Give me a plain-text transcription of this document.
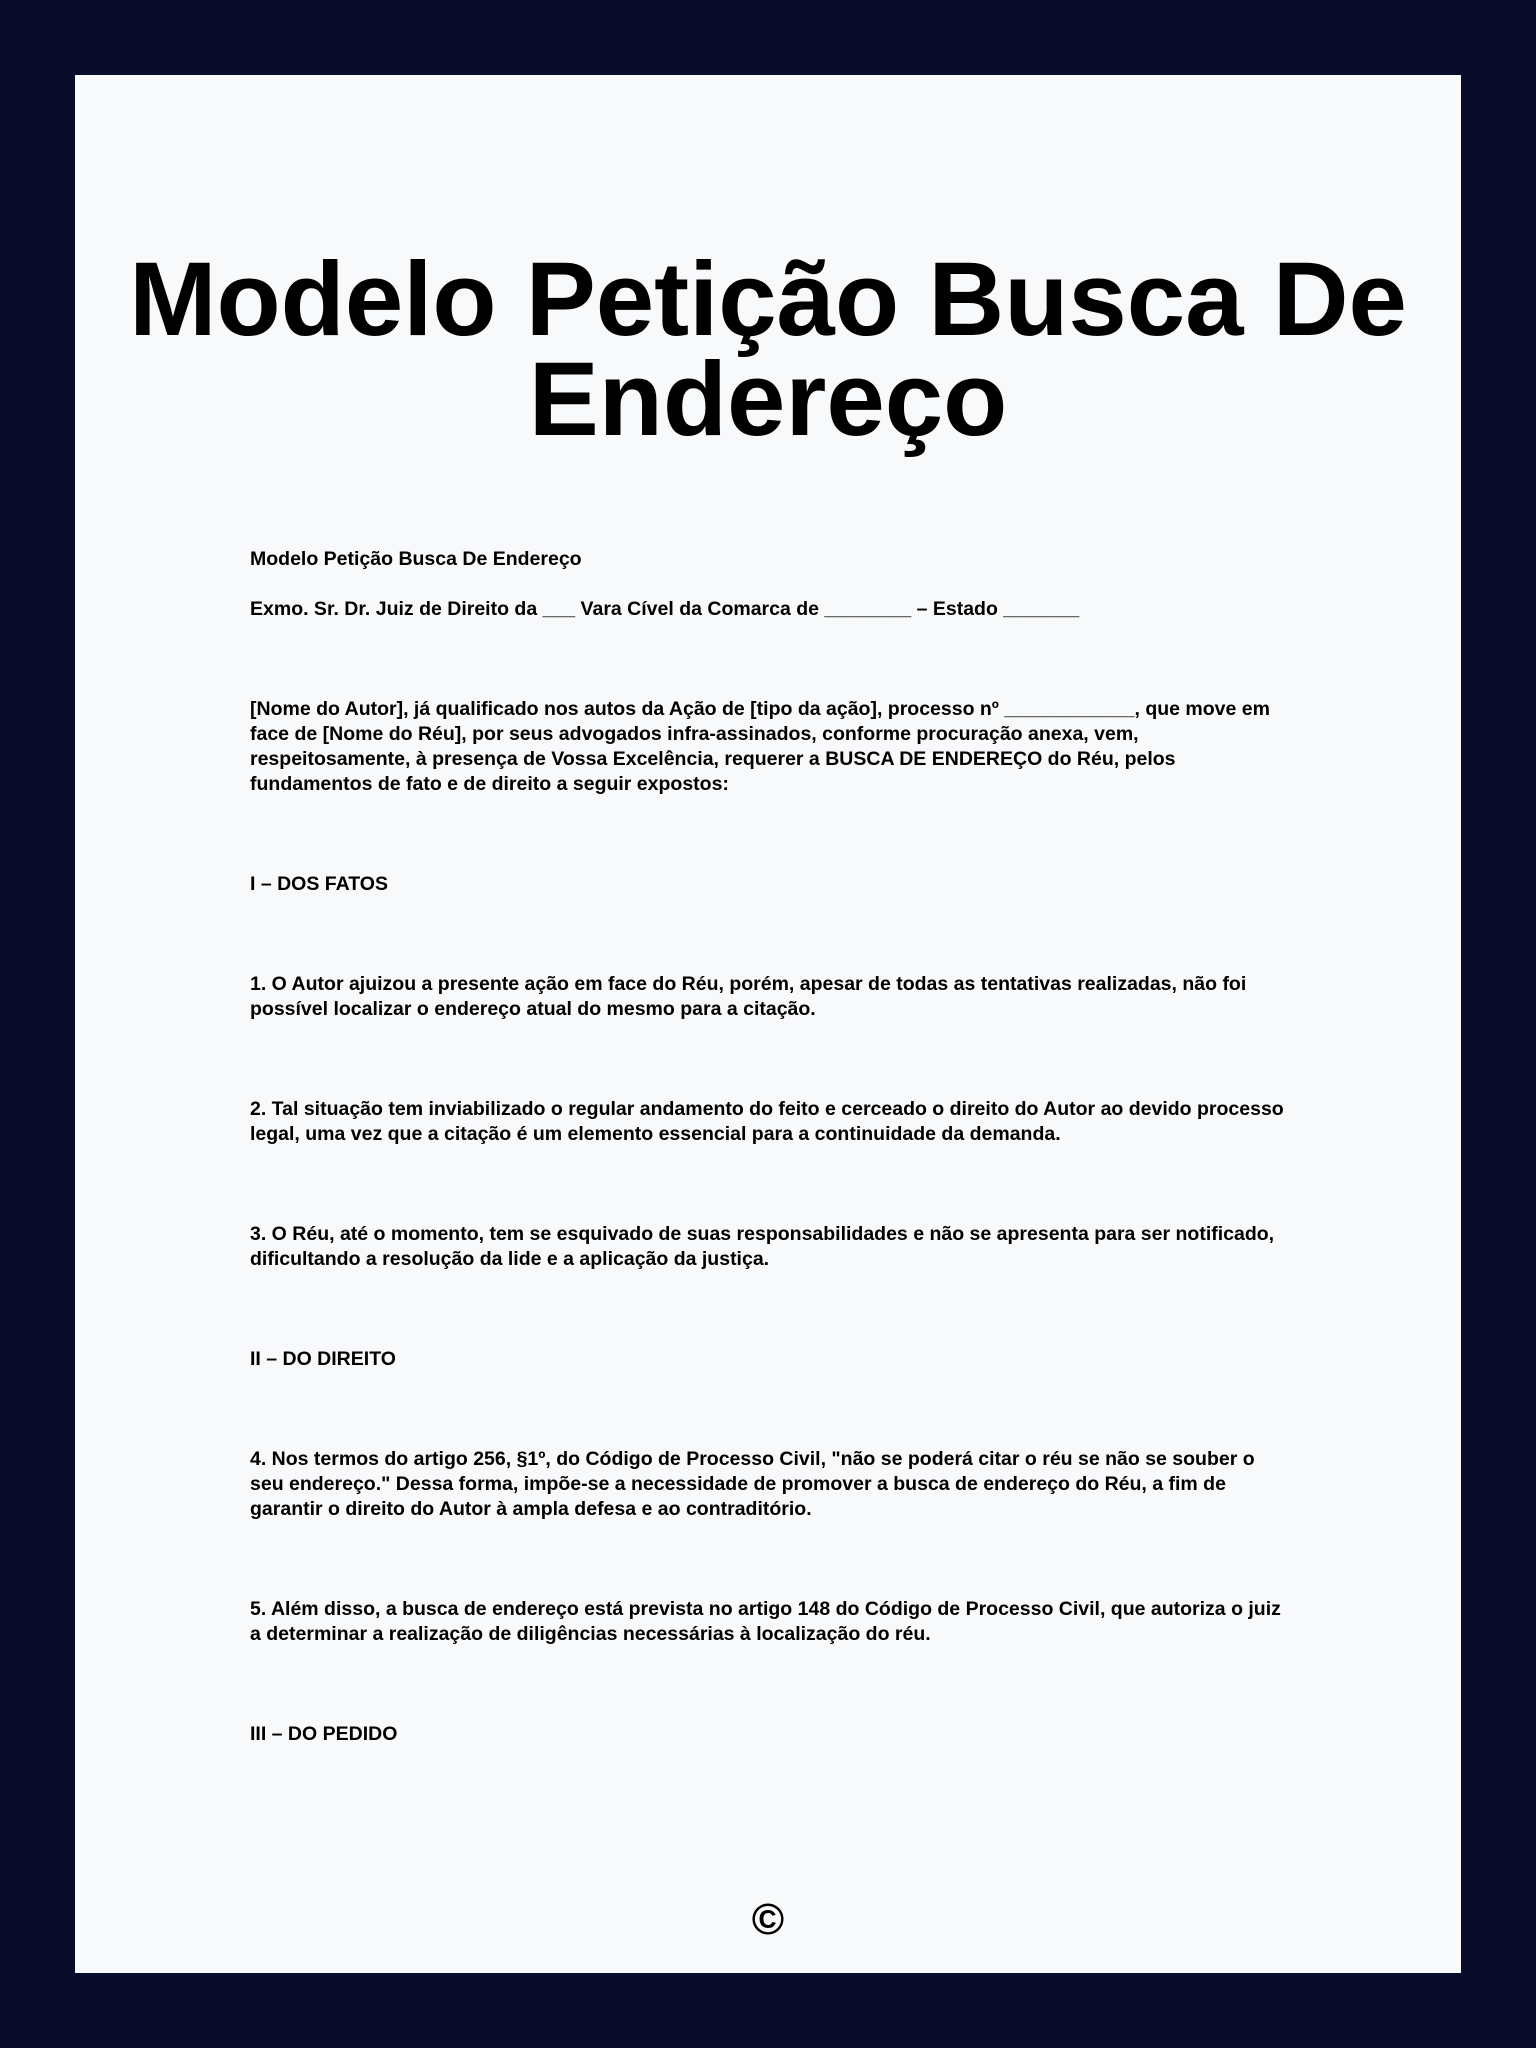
Modelo Petição Busca De Endereço

Modelo Petição Busca De Endereço

Exmo. Sr. Dr. Juiz de Direito da ___ Vara Cível da Comarca de ________ – Estado _______

[Nome do Autor], já qualificado nos autos da Ação de [tipo da ação], processo nº ____________, que move em face de [Nome do Réu], por seus advogados infra-assinados, conforme procuração anexa, vem, respeitosamente, à presença de Vossa Excelência, requerer a BUSCA DE ENDEREÇO do Réu, pelos fundamentos de fato e de direito a seguir expostos:

I – DOS FATOS

1. O Autor ajuizou a presente ação em face do Réu, porém, apesar de todas as tentativas realizadas, não foi possível localizar o endereço atual do mesmo para a citação.

2. Tal situação tem inviabilizado o regular andamento do feito e cerceado o direito do Autor ao devido processo legal, uma vez que a citação é um elemento essencial para a continuidade da demanda.

3. O Réu, até o momento, tem se esquivado de suas responsabilidades e não se apresenta para ser notificado, dificultando a resolução da lide e a aplicação da justiça.

II – DO DIREITO

4. Nos termos do artigo 256, §1º, do Código de Processo Civil, "não se poderá citar o réu se não se souber o seu endereço." Dessa forma, impõe-se a necessidade de promover a busca de endereço do Réu, a fim de garantir o direito do Autor à ampla defesa e ao contraditório.

5. Além disso, a busca de endereço está prevista no artigo 148 do Código de Processo Civil, que autoriza o juiz a determinar a realização de diligências necessárias à localização do réu.

III – DO PEDIDO

©
